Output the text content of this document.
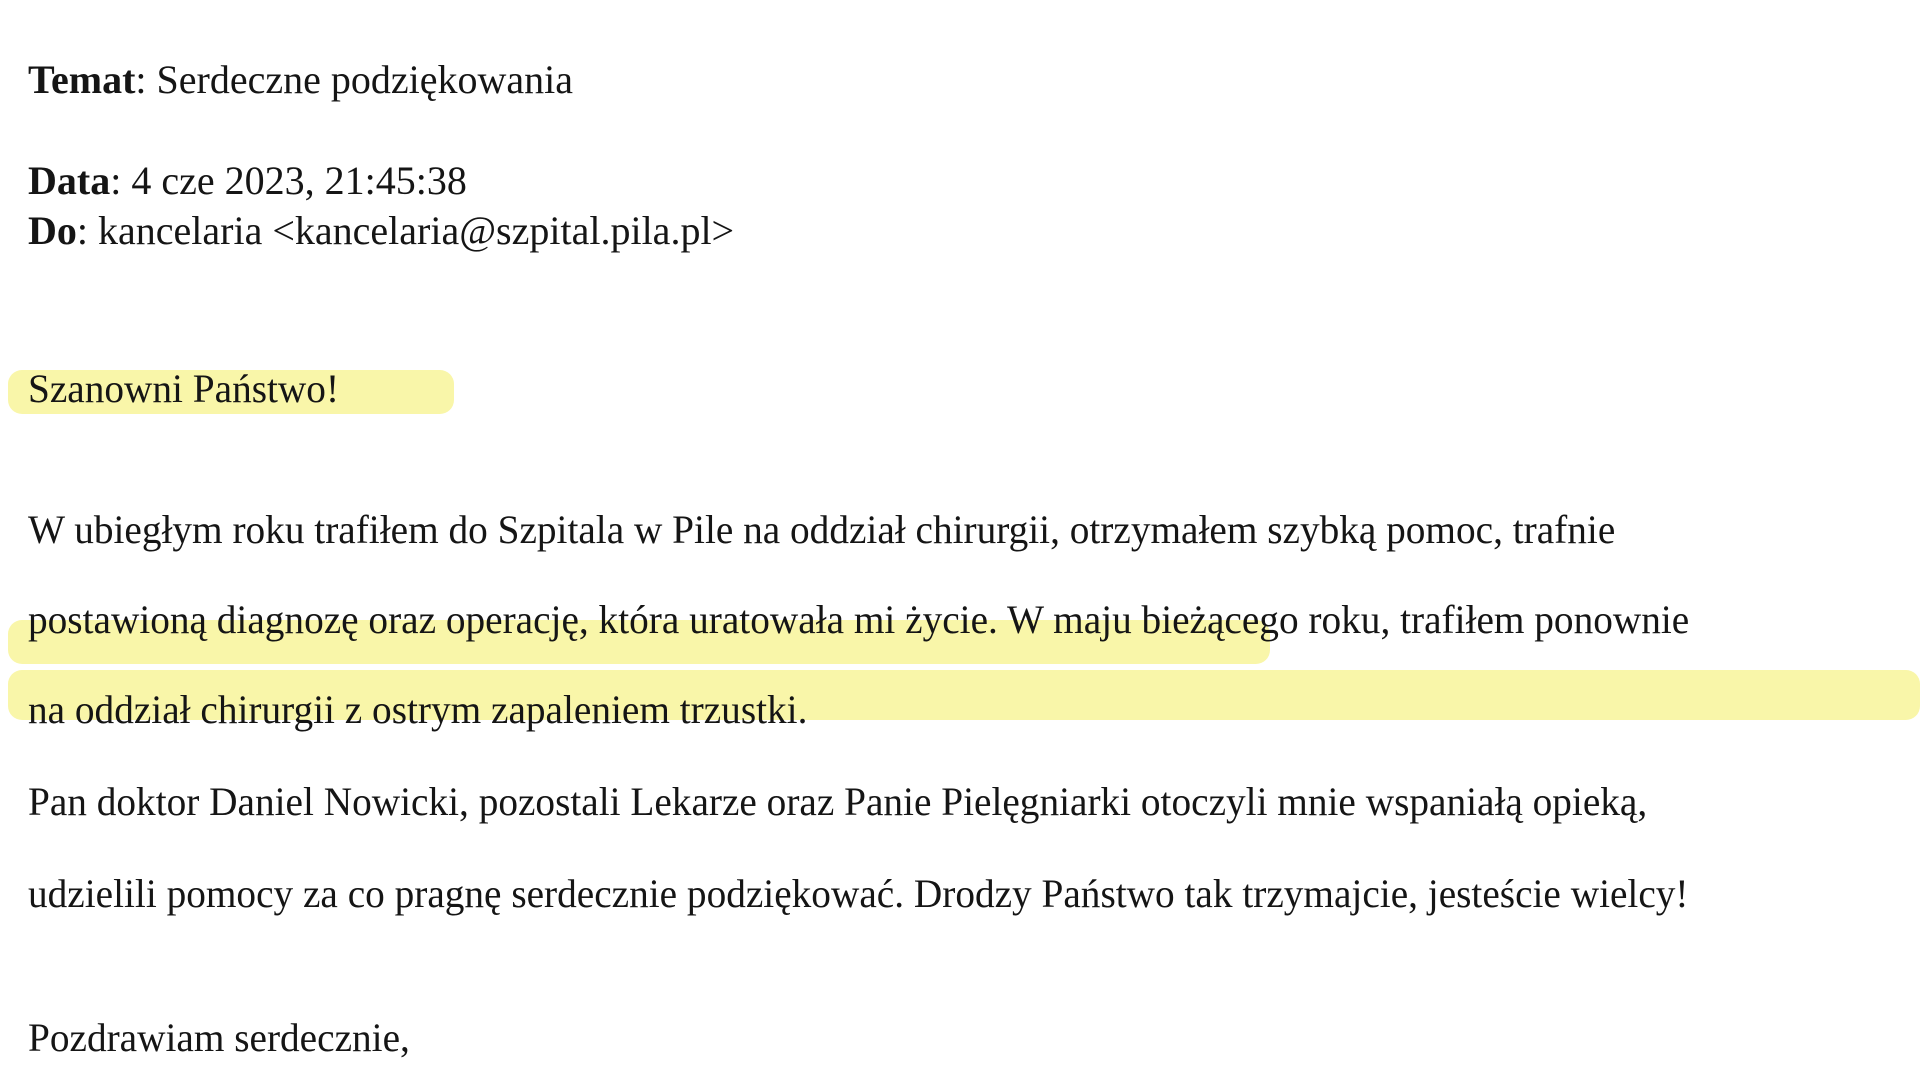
Temat: Serdeczne podziękowania
Data: 4 cze 2023, 21:45:38
Do: kancelaria <kancelaria@szpital.pila.pl>
Szanowni Państwo!
W ubiegłym roku trafiłem do Szpitala w Pile na oddział chirurgii, otrzymałem szybką pomoc, trafnie
postawioną diagnozę oraz operację, która uratowała mi życie. W maju bieżącego roku, trafiłem ponownie
na oddział chirurgii z ostrym zapaleniem trzustki.
Pan doktor Daniel Nowicki, pozostali Lekarze oraz Panie Pielęgniarki otoczyli mnie wspaniałą opieką,
udzielili pomocy za co pragnę serdecznie podziękować. Drodzy Państwo tak trzymajcie, jesteście wielcy!
Pozdrawiam serdecznie,
